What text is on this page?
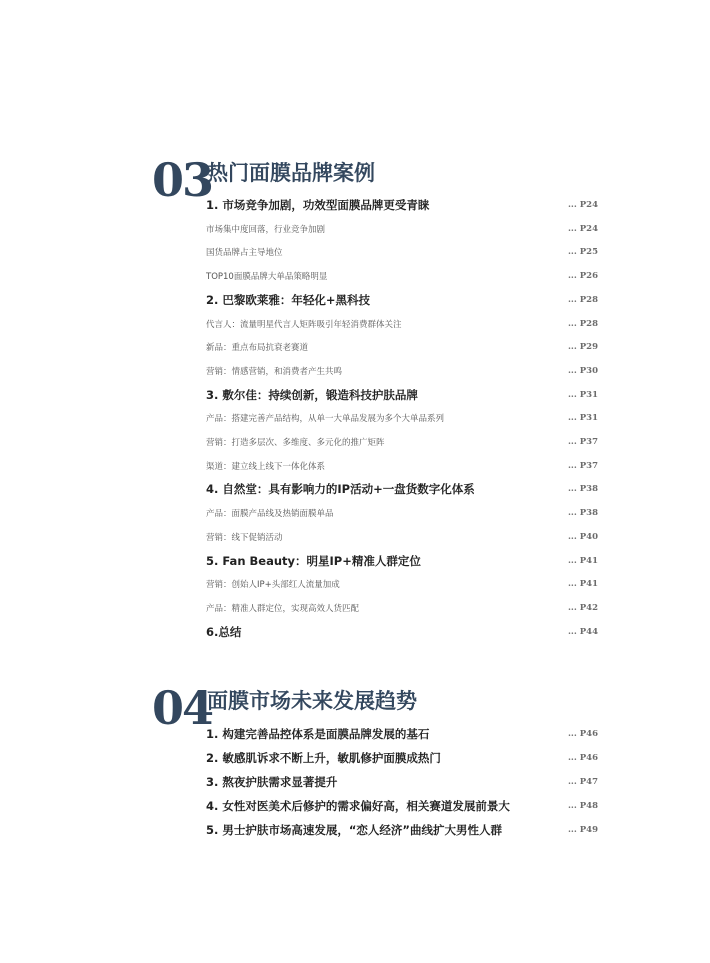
03
热门面膜品牌案例
1. 市场竞争加剧，功效型面膜品牌更受青睐	... P24
市场集中度回落，行业竞争加剧	... P24
国货品牌占主导地位	... P25
TOP10面膜品牌大单品策略明显	... P26
2. 巴黎欧莱雅：年轻化+黑科技	... P28
代言人：流量明星代言人矩阵吸引年轻消费群体关注	... P28
新品：重点布局抗衰老赛道	... P29
营销：情感营销，和消费者产生共鸣	... P30
3. 敷尔佳：持续创新，锻造科技护肤品牌	... P31
产品：搭建完善产品结构，从单一大单品发展为多个大单品系列	... P31
营销：打造多层次、多维度、多元化的推广矩阵	... P37
渠道：建立线上线下一体化体系	... P37
4. 自然堂：具有影响力的IP活动+一盘货数字化体系	... P38
产品：面膜产品线及热销面膜单品	... P38
营销：线下促销活动	... P40
5. Fan Beauty：明星IP+精准人群定位	... P41
营销：创始人IP+头部红人流量加成	... P41
产品：精准人群定位，实现高效人货匹配	... P42
6.总结	... P44
04
面膜市场未来发展趋势
1. 构建完善品控体系是面膜品牌发展的基石	... P46
2. 敏感肌诉求不断上升，敏肌修护面膜成热门	... P46
3. 熬夜护肤需求显著提升	... P47
4. 女性对医美术后修护的需求偏好高，相关赛道发展前景大	... P48
5. 男士护肤市场高速发展，“恋人经济”曲线扩大男性人群	... P49
